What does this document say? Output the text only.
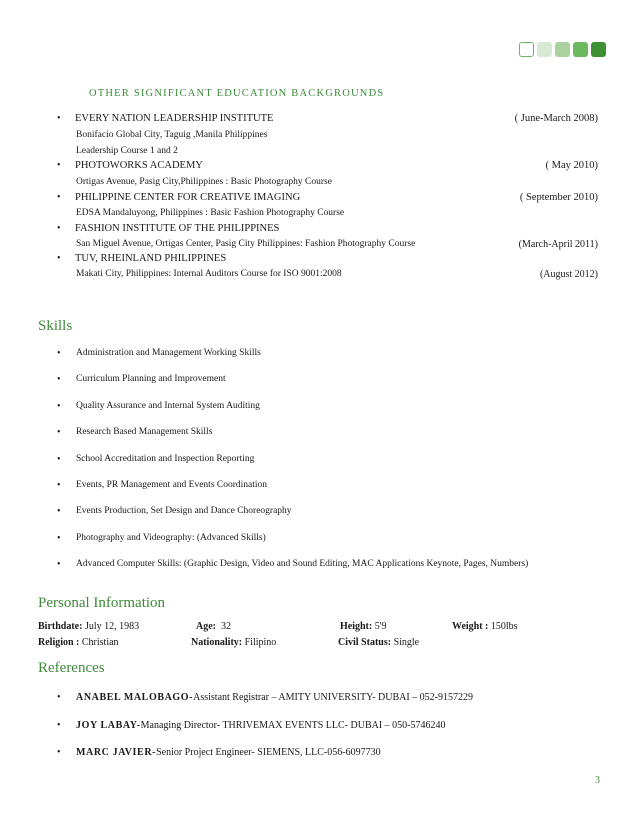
OTHER SIGNIFICANT EDUCATION BACKGROUNDS
• EVERY NATION LEADERSHIP INSTITUTE	( June-March 2008)
Bonifacio Global City, Taguig ,Manila Philippines
Leadership Course 1 and 2
• PHOTOWORKS ACADEMY	( May 2010)
Ortigas Avenue, Pasig City,Philippines : Basic Photography Course
• PHILIPPINE CENTER FOR CREATIVE IMAGING	( September 2010)
EDSA Mandaluyong, Philippines : Basic Fashion Photography Course
• FASHION INSTITUTE OF THE PHILIPPINES
San Miguel Avenue, Ortigas Center, Pasig City Philippines: Fashion Photography Course	(March-April 2011)
• TUV, RHEINLAND PHILIPPINES
Makati City, Philippines: Internal Auditors Course for ISO 9001:2008	(August 2012)
Skills
• Administration and Management Working Skills
• Curriculum Planning and Improvement
• Quality Assurance and Internal System Auditing
• Research Based Management Skills
• School Accreditation and Inspection Reporting
• Events, PR Management and Events Coordination
• Events Production, Set Design and Dance Choreography
• Photography and Videography: (Advanced Skills)
• Advanced Computer Skills: (Graphic Design, Video and Sound Editing, MAC Applications Keynote, Pages, Numbers)
Personal Information
Birthdate: July 12, 1983	Age: 32	Height: 5'9	Weight : 150lbs
Religion : Christian	Nationality: Filipino	Civil Status: Single
References
• ANABEL MALOBAGO-Assistant Registrar – AMITY UNIVERSITY- DUBAI – 052-9157229
• JOY LABAY-Managing Director- THRIVEMAX EVENTS LLC- DUBAI – 050-5746240
• MARC JAVIER-Senior Project Engineer- SIEMENS, LLC-056-6097730
3
